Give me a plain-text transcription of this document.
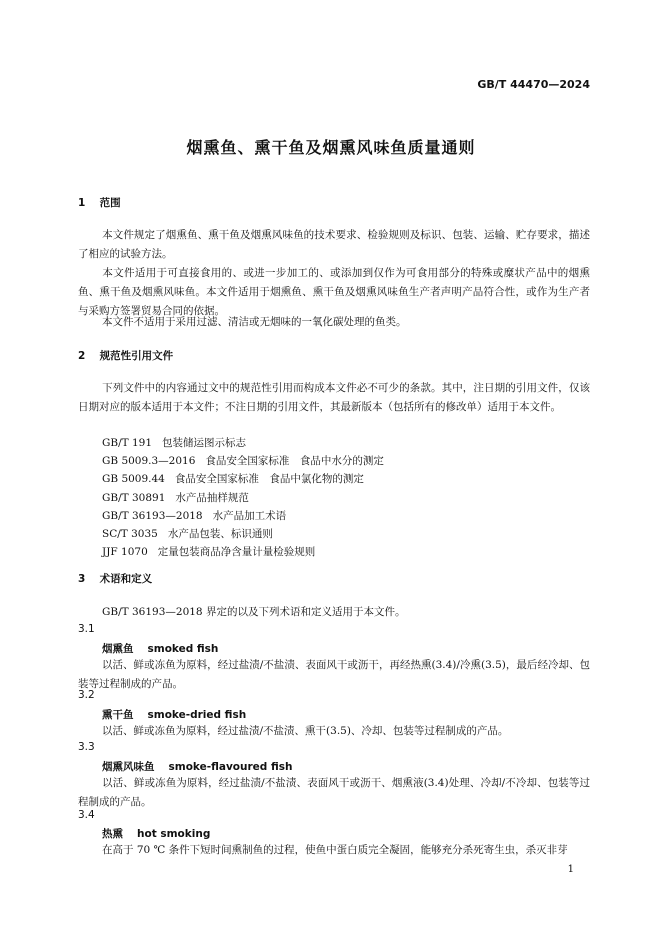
GB/T 44470—2024
烟熏鱼、熏干鱼及烟熏风味鱼质量通则
1 范围
本文件规定了烟熏鱼、熏干鱼及烟熏风味鱼的技术要求、检验规则及标识、包装、运输、贮存要求，描述了相应的试验方法。
本文件适用于可直接食用的、或进一步加工的、或添加到仅作为可食用部分的特殊或糜状产品中的烟熏鱼、熏干鱼及烟熏风味鱼。本文件适用于烟熏鱼、熏干鱼及烟熏风味鱼生产者声明产品符合性，或作为生产者与采购方签署贸易合同的依据。
本文件不适用于采用过滤、清洁或无烟味的一氧化碳处理的鱼类。
2 规范性引用文件
下列文件中的内容通过文中的规范性引用而构成本文件必不可少的条款。其中，注日期的引用文件，仅该日期对应的版本适用于本文件；不注日期的引用文件，其最新版本（包括所有的修改单）适用于本文件。
GB/T 191 包装储运图示标志
GB 5009.3—2016 食品安全国家标准　食品中水分的测定
GB 5009.44 食品安全国家标准　食品中氯化物的测定
GB/T 30891 水产品抽样规范
GB/T 36193—2018 水产品加工术语
SC/T 3035 水产品包装、标识通则
JJF 1070 定量包装商品净含量计量检验规则
3 术语和定义
GB/T 36193—2018 界定的以及下列术语和定义适用于本文件。
3.1
烟熏鱼 smoked fish
以活、鲜或冻鱼为原料，经过盐渍/不盐渍、表面风干或沥干，再经热熏(3.4)/冷熏(3.5)，最后经冷却、包装等过程制成的产品。
3.2
熏干鱼 smoke-dried fish
以活、鲜或冻鱼为原料，经过盐渍/不盐渍、熏干(3.5)、冷却、包装等过程制成的产品。
3.3
烟熏风味鱼 smoke-flavoured fish
以活、鲜或冻鱼为原料，经过盐渍/不盐渍、表面风干或沥干、烟熏液(3.4)处理、冷却/不冷却、包装等过程制成的产品。
3.4
热熏 hot smoking
在高于 70 ℃ 条件下短时间熏制鱼的过程，使鱼中蛋白质完全凝固，能够充分杀死寄生虫，杀灭非芽
1
